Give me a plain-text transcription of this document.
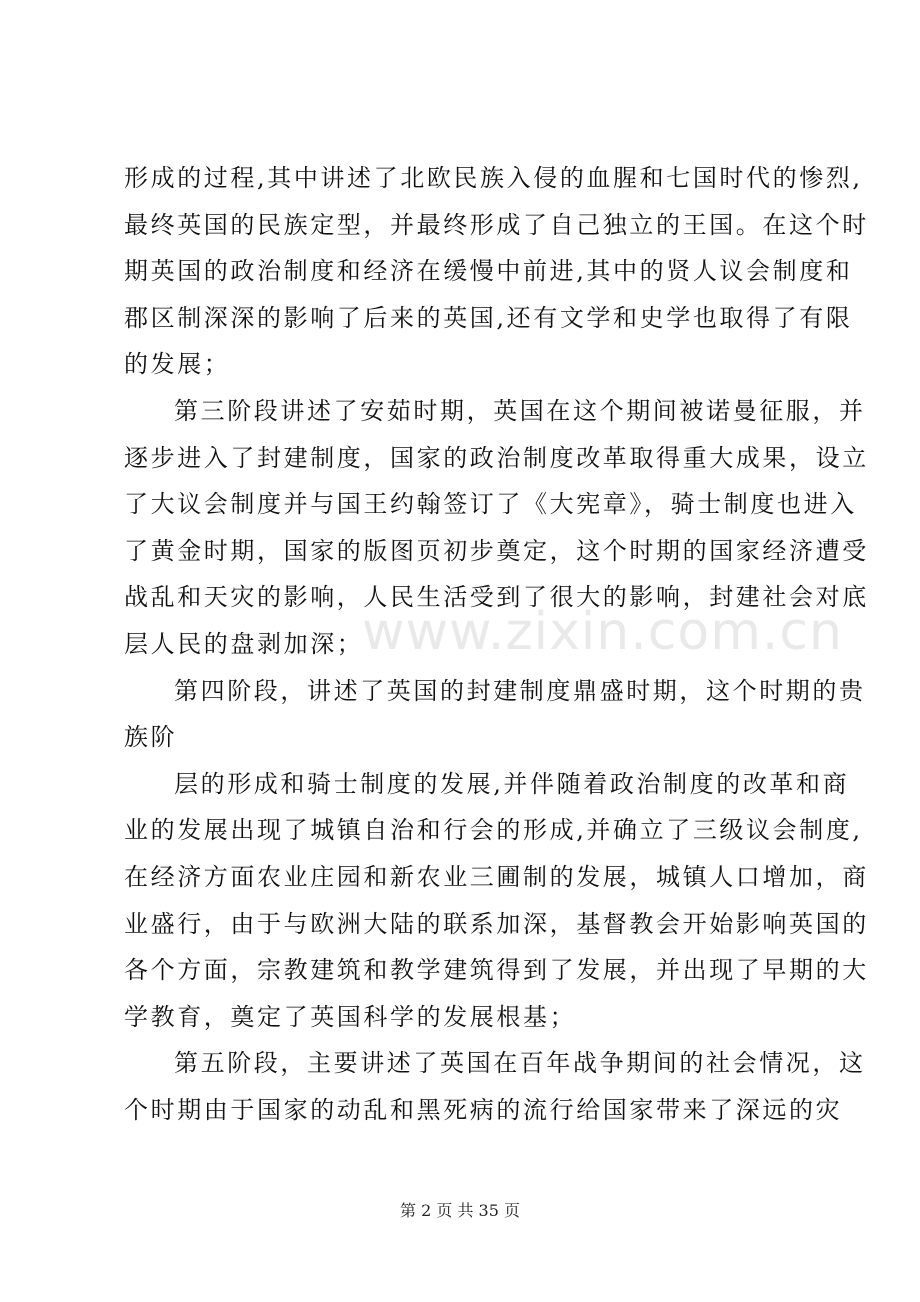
形成的过程,其中讲述了北欧民族入侵的血腥和七国时代的惨烈,
最终英国的民族定型，并最终形成了自己独立的王国。在这个时
期英国的政治制度和经济在缓慢中前进,其中的贤人议会制度和
郡区制深深的影响了后来的英国,还有文学和史学也取得了有限
的发展；
第三阶段讲述了安茹时期，英国在这个期间被诺曼征服，并
逐步进入了封建制度，国家的政治制度改革取得重大成果，设立
了大议会制度并与国王约翰签订了《大宪章》，骑士制度也进入
了黄金时期，国家的版图页初步奠定，这个时期的国家经济遭受
战乱和天灾的影响，人民生活受到了很大的影响，封建社会对底
层人民的盘剥加深；
第四阶段，讲述了英国的封建制度鼎盛时期，这个时期的贵
族阶
层的形成和骑士制度的发展,并伴随着政治制度的改革和商
业的发展出现了城镇自治和行会的形成,并确立了三级议会制度,
在经济方面农业庄园和新农业三圃制的发展，城镇人口增加，商
业盛行，由于与欧洲大陆的联系加深，基督教会开始影响英国的
各个方面，宗教建筑和教学建筑得到了发展，并出现了早期的大
学教育，奠定了英国科学的发展根基；
第五阶段，主要讲述了英国在百年战争期间的社会情况，这
个时期由于国家的动乱和黑死病的流行给国家带来了深远的灾
www.zixin.com.cn
第 2 页 共 35 页
